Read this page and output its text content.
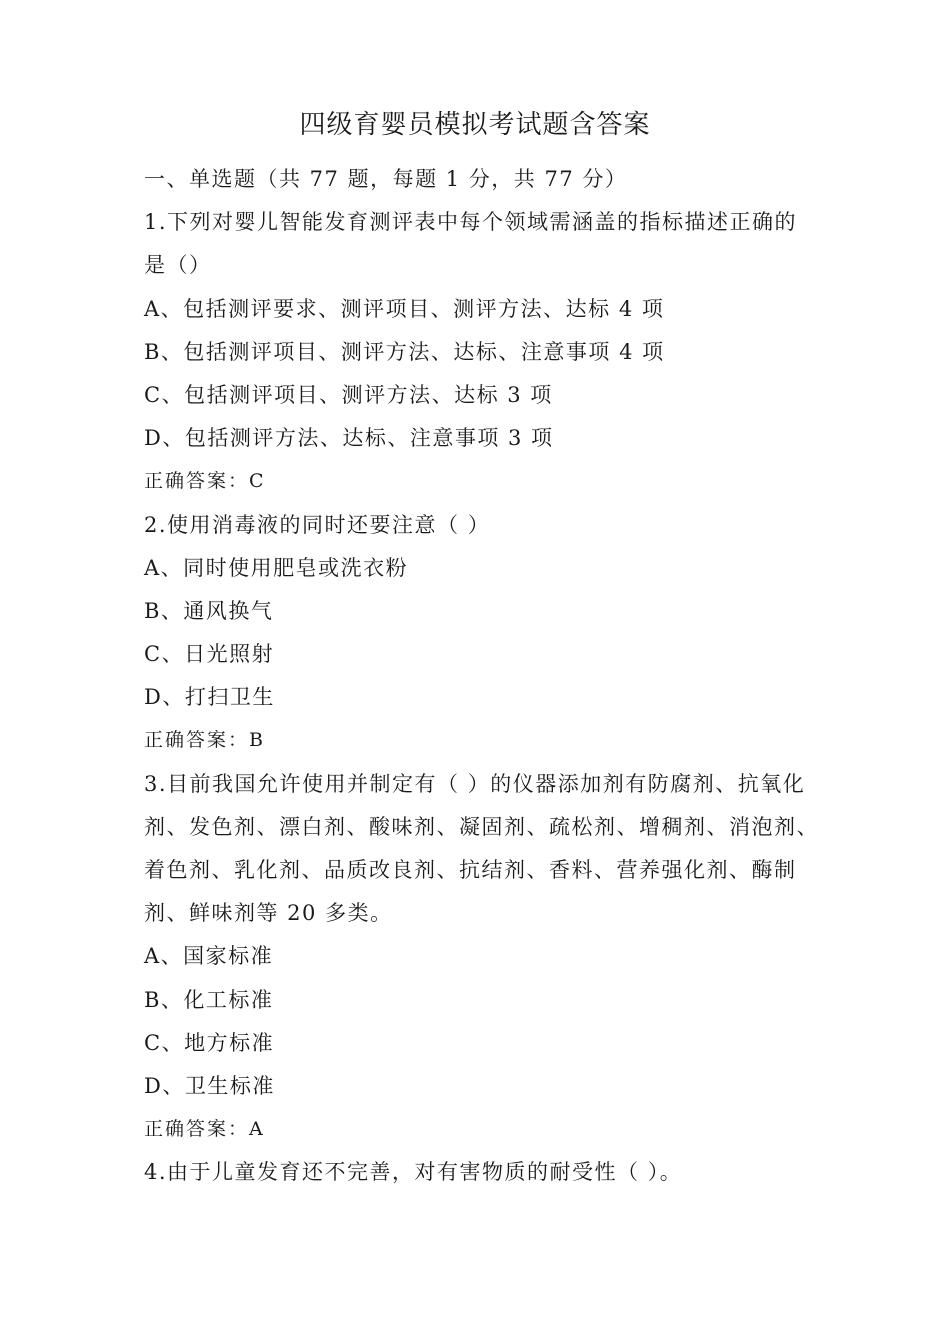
四级育婴员模拟考试题含答案
一、单选题（共 77 题，每题 1 分，共 77 分）
1.下列对婴儿智能发育测评表中每个领域需涵盖的指标描述正确的
是（）
A、包括测评要求、测评项目、测评方法、达标 4 项
B、包括测评项目、测评方法、达标、注意事项 4 项
C、包括测评项目、测评方法、达标 3 项
D、包括测评方法、达标、注意事项 3 项
正确答案：C
2.使用消毒液的同时还要注意（ ）
A、同时使用肥皂或洗衣粉
B、通风换气
C、日光照射
D、打扫卫生
正确答案：B
3.目前我国允许使用并制定有（ ）的仪器添加剂有防腐剂、抗氧化
剂、发色剂、漂白剂、酸味剂、凝固剂、疏松剂、增稠剂、消泡剂、
着色剂、乳化剂、品质改良剂、抗结剂、香料、营养强化剂、酶制
剂、鲜味剂等 20 多类。
A、国家标准
B、化工标准
C、地方标准
D、卫生标准
正确答案：A
4.由于儿童发育还不完善，对有害物质的耐受性（ ）。
